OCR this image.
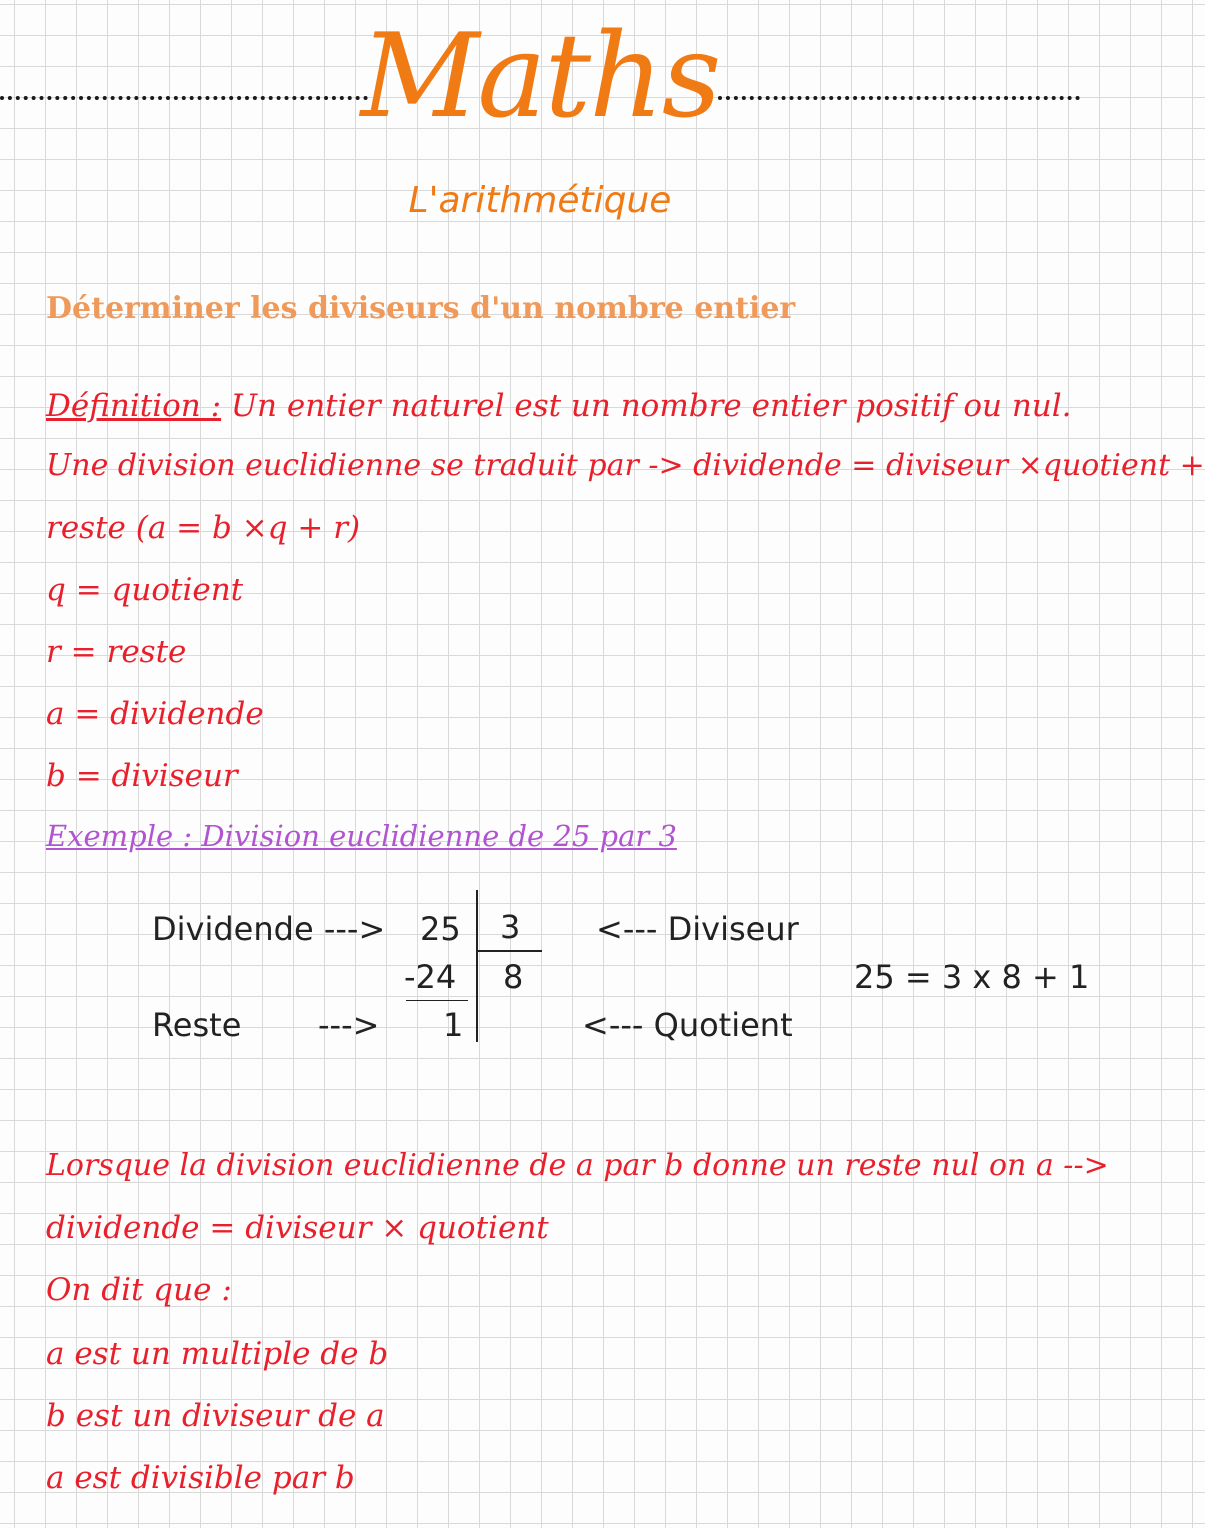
Maths
L'arithmétique
Déterminer les diviseurs d'un nombre entier
Définition : Un entier naturel est un nombre entier positif ou nul.
Une division euclidienne se traduit par -> dividende = diviseur ×quotient +
reste (a = b ×q + r)
q = quotient
r = reste
a = dividende
b = diviseur
Exemple : Division euclidienne de 25 par 3
Dividende --->
Reste --->
25 3
-24 8
1
<--- Diviseur
<--- Quotient
25 = 3 x 8 + 1
Lorsque la division euclidienne de a par b donne un reste nul on a -->
dividende = diviseur × quotient
On dit que :
a est un multiple de b
b est un diviseur de a
a est divisible par b
